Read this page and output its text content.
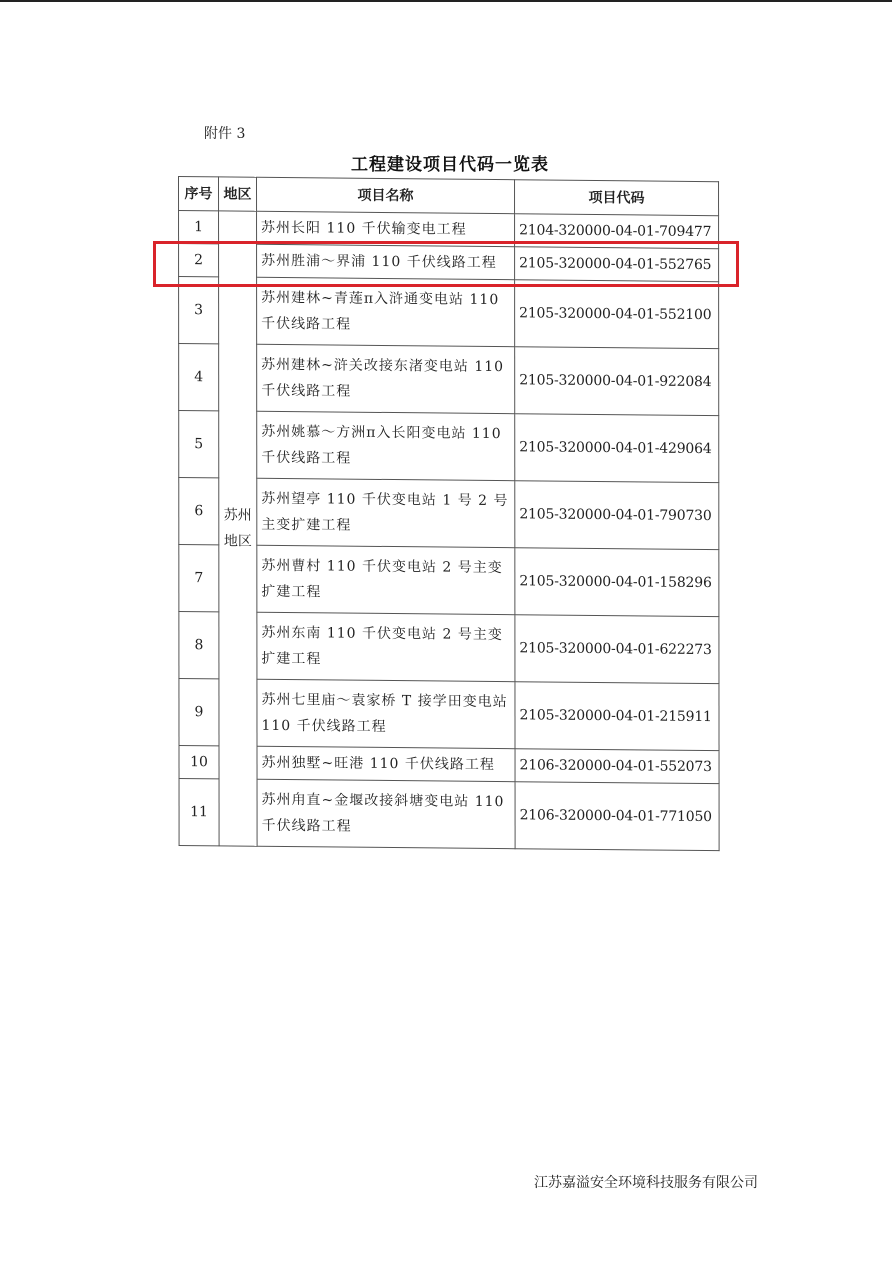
附件 3
工程建设项目代码一览表
序号	地区	项目名称	项目代码
1	苏州地区	苏州长阳 110 千伏输变电工程	2104-320000-04-01-709477
2		苏州胜浦～界浦 110 千伏线路工程	2105-320000-04-01-552765
3		苏州建林~青莲π入浒通变电站 110 千伏线路工程	2105-320000-04-01-552100
4		苏州建林~浒关改接东渚变电站 110 千伏线路工程	2105-320000-04-01-922084
5		苏州姚慕～方洲π入长阳变电站 110 千伏线路工程	2105-320000-04-01-429064
6		苏州望亭 110 千伏变电站 1 号 2 号主变扩建工程	2105-320000-04-01-790730
7		苏州曹村 110 千伏变电站 2 号主变扩建工程	2105-320000-04-01-158296
8		苏州东南 110 千伏变电站 2 号主变扩建工程	2105-320000-04-01-622273
9		苏州七里庙～袁家桥 T 接学田变电站 110 千伏线路工程	2105-320000-04-01-215911
10		苏州独墅~旺港 110 千伏线路工程	2106-320000-04-01-552073
11		苏州甪直~金堰改接斜塘变电站 110 千伏线路工程	2106-320000-04-01-771050
江苏嘉溢安全环境科技服务有限公司
